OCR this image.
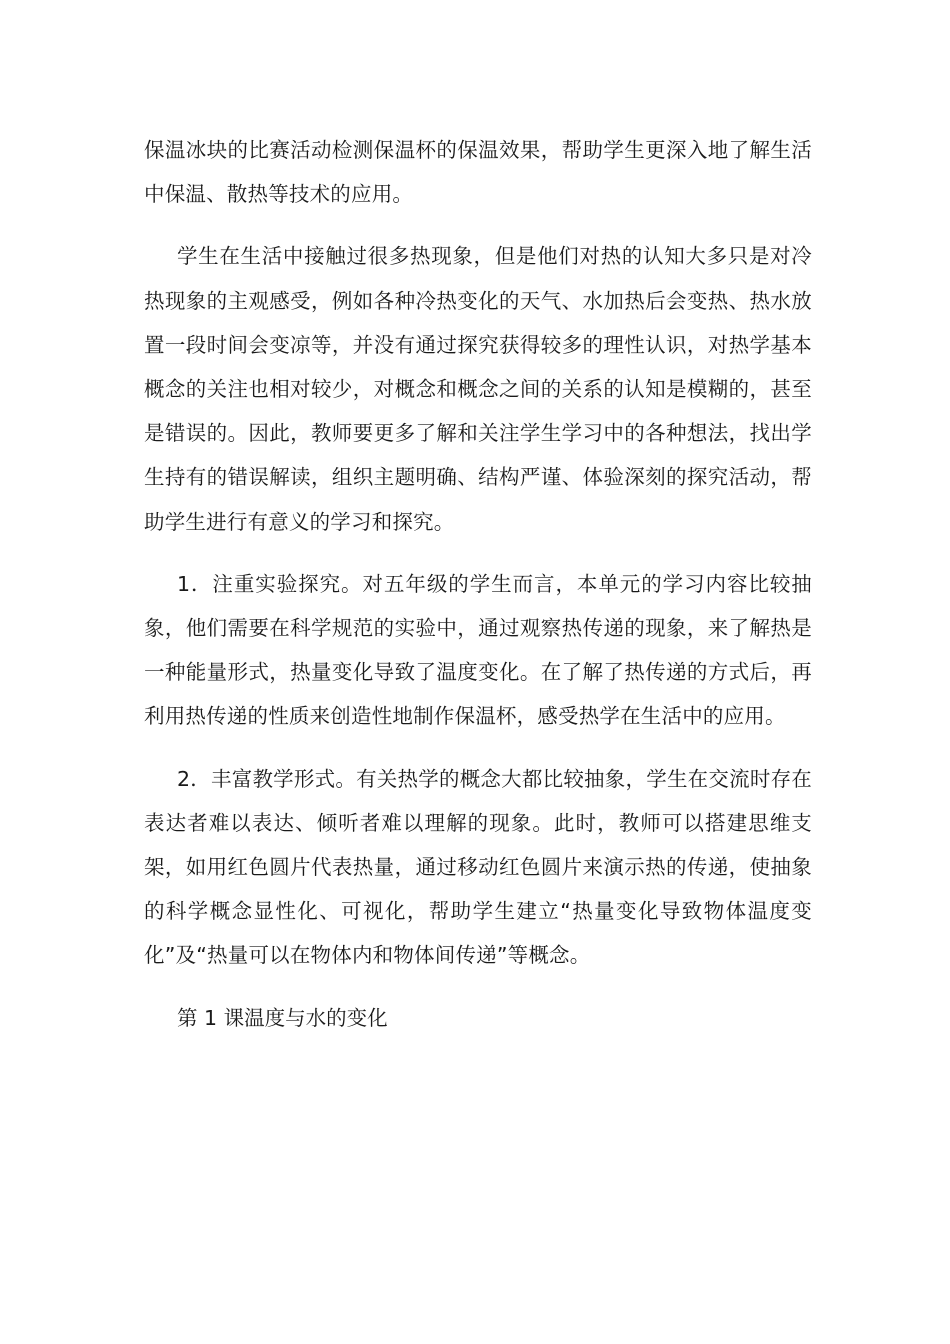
保温冰块的比赛活动检测保温杯的保温效果，帮助学生更深入地了解生活中保温、散热等技术的应用。

学生在生活中接触过很多热现象，但是他们对热的认知大多只是对冷热现象的主观感受，例如各种冷热变化的天气、水加热后会变热、热水放置一段时间会变凉等，并没有通过探究获得较多的理性认识，对热学基本概念的关注也相对较少，对概念和概念之间的关系的认知是模糊的，甚至是错误的。因此，教师要更多了解和关注学生学习中的各种想法，找出学生持有的错误解读，组织主题明确、结构严谨、体验深刻的探究活动，帮助学生进行有意义的学习和探究。

1．注重实验探究。对五年级的学生而言，本单元的学习内容比较抽象，他们需要在科学规范的实验中，通过观察热传递的现象，来了解热是一种能量形式，热量变化导致了温度变化。在了解了热传递的方式后，再利用热传递的性质来创造性地制作保温杯，感受热学在生活中的应用。

2．丰富教学形式。有关热学的概念大都比较抽象，学生在交流时存在表达者难以表达、倾听者难以理解的现象。此时，教师可以搭建思维支架，如用红色圆片代表热量，通过移动红色圆片来演示热的传递，使抽象的科学概念显性化、可视化，帮助学生建立“热量变化导致物体温度变化”及“热量可以在物体内和物体间传递”等概念。

第 1 课温度与水的变化
